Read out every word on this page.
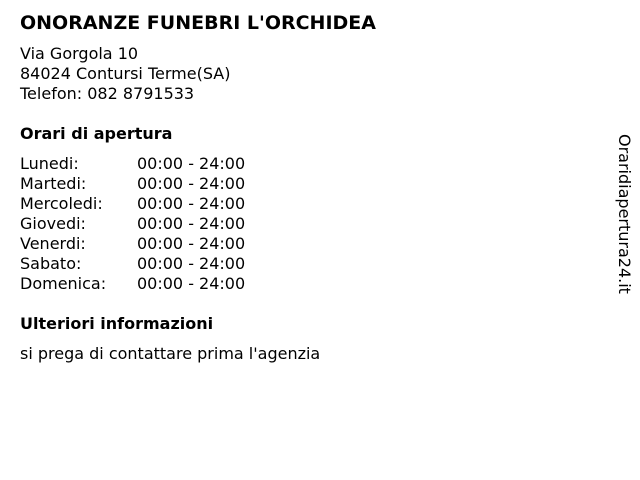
ONORANZE FUNEBRI L'ORCHIDEA
Via Gorgola 10
84024 Contursi Terme(SA)
Telefon: 082 8791533
Orari di apertura
Lunedi:	00:00 - 24:00
Martedi:	00:00 - 24:00
Mercoledi: 00:00 - 24:00
Giovedi:	00:00 - 24:00
Venerdi:	00:00 - 24:00
Sabato:	00:00 - 24:00
Domenica: 00:00 - 24:00
Ulteriori informazioni
si prega di contattare prima l'agenzia
Oraridiapertura24.it
